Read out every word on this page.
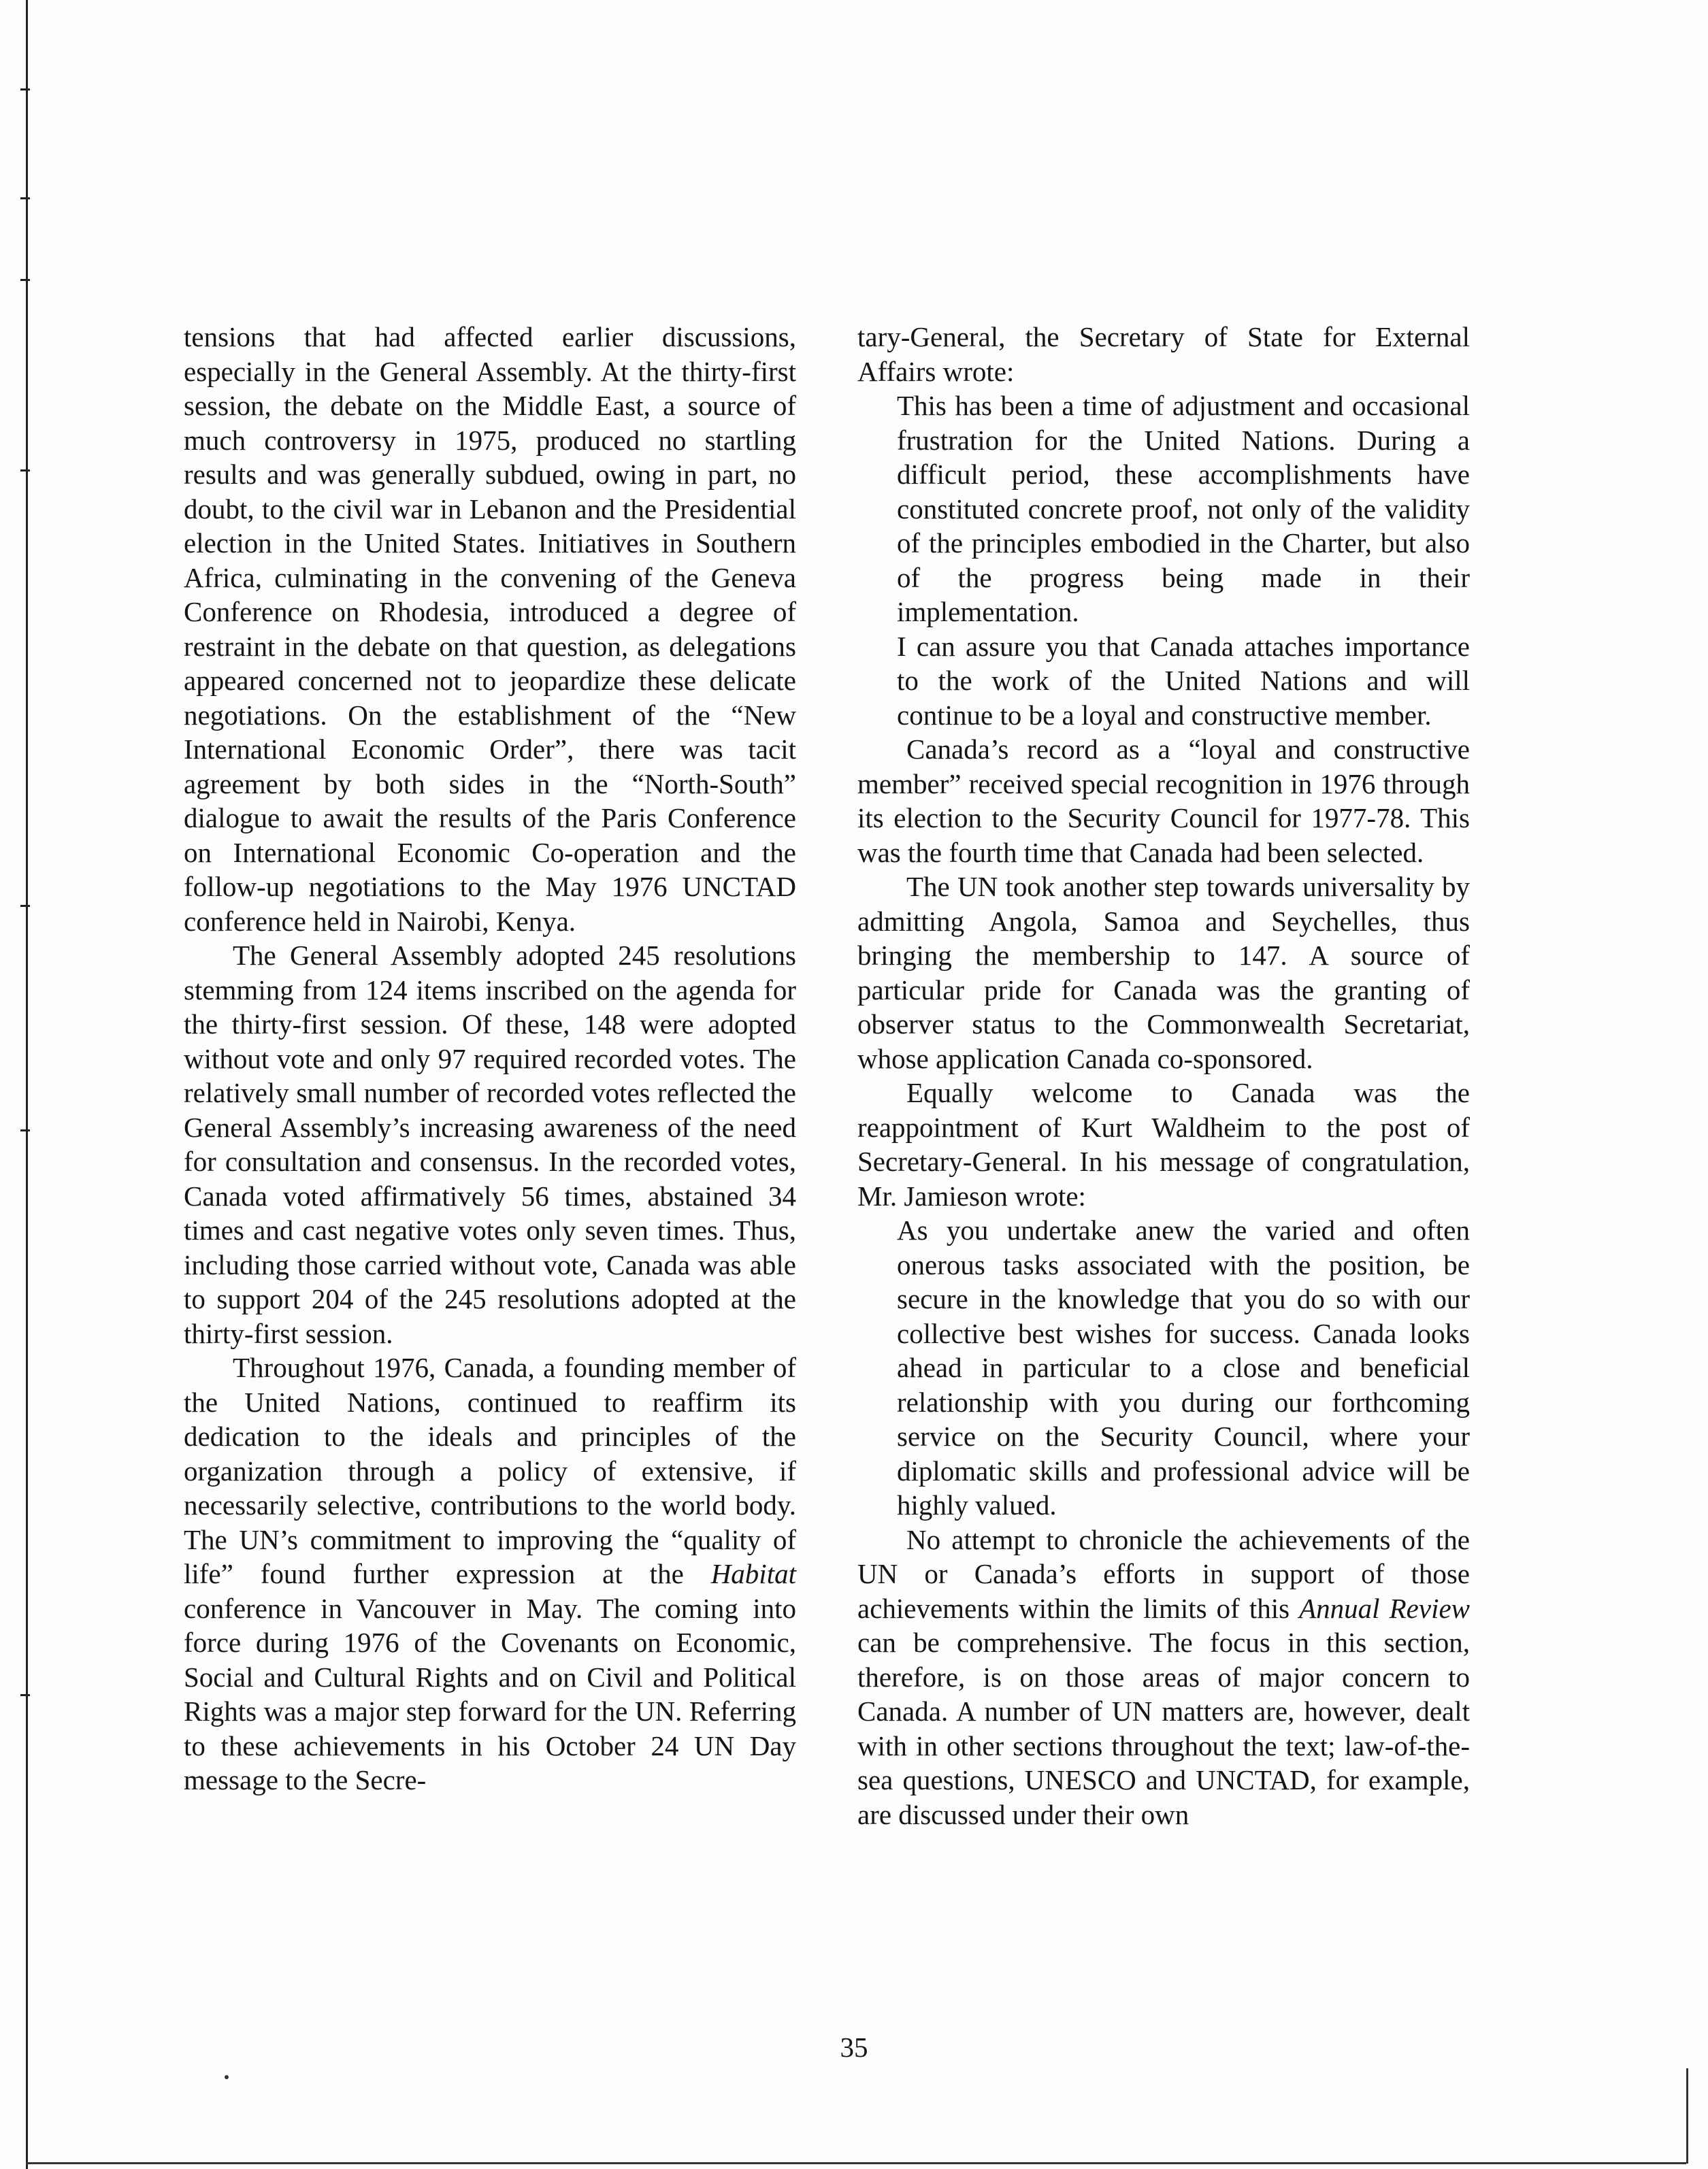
tensions that had affected earlier discussions, especially in the General Assembly. At the thirty-first session, the debate on the Middle East, a source of much controversy in 1975, produced no startling results and was generally subdued, owing in part, no doubt, to the civil war in Lebanon and the Presidential election in the United States. Initiatives in Southern Africa, culminating in the convening of the Geneva Conference on Rhodesia, introduced a degree of restraint in the debate on that question, as delegations appeared concerned not to jeopardize these delicate negotiations. On the establishment of the “New International Economic Order”, there was tacit agreement by both sides in the “North-South” dialogue to await the results of the Paris Conference on International Economic Co-operation and the follow-up negotiations to the May 1976 UNCTAD conference held in Nairobi, Kenya.

The General Assembly adopted 245 resolutions stemming from 124 items inscribed on the agenda for the thirty-first session. Of these, 148 were adopted without vote and only 97 required recorded votes. The relatively small number of recorded votes reflected the General Assembly’s increasing awareness of the need for consultation and consensus. In the recorded votes, Canada voted affirmatively 56 times, abstained 34 times and cast negative votes only seven times. Thus, including those carried without vote, Canada was able to support 204 of the 245 resolutions adopted at the thirty-first session.

Throughout 1976, Canada, a founding member of the United Nations, continued to reaffirm its dedication to the ideals and principles of the organization through a policy of extensive, if necessarily selective, contributions to the world body. The UN’s commitment to improving the “quality of life” found further expression at the Habitat conference in Vancouver in May. The coming into force during 1976 of the Covenants on Economic, Social and Cultural Rights and on Civil and Political Rights was a major step forward for the UN. Referring to these achievements in his October 24 UN Day message to the Secre-

tary-General, the Secretary of State for External Affairs wrote:

This has been a time of adjustment and occasional frustration for the United Nations. During a difficult period, these accomplishments have constituted concrete proof, not only of the validity of the principles embodied in the Charter, but also of the progress being made in their implementation.

I can assure you that Canada attaches importance to the work of the United Nations and will continue to be a loyal and constructive member.

Canada’s record as a “loyal and constructive member” received special recognition in 1976 through its election to the Security Council for 1977-78. This was the fourth time that Canada had been selected.

The UN took another step towards universality by admitting Angola, Samoa and Seychelles, thus bringing the membership to 147. A source of particular pride for Canada was the granting of observer status to the Commonwealth Secretariat, whose application Canada co-sponsored.

Equally welcome to Canada was the reappointment of Kurt Waldheim to the post of Secretary-General. In his message of congratulation, Mr. Jamieson wrote:

As you undertake anew the varied and often onerous tasks associated with the position, be secure in the knowledge that you do so with our collective best wishes for success. Canada looks ahead in particular to a close and beneficial relationship with you during our forthcoming service on the Security Council, where your diplomatic skills and professional advice will be highly valued.

No attempt to chronicle the achievements of the UN or Canada’s efforts in support of those achievements within the limits of this Annual Review can be comprehensive. The focus in this section, therefore, is on those areas of major concern to Canada. A number of UN matters are, however, dealt with in other sections throughout the text; law-of-the-sea questions, UNESCO and UNCTAD, for example, are discussed under their own

35
